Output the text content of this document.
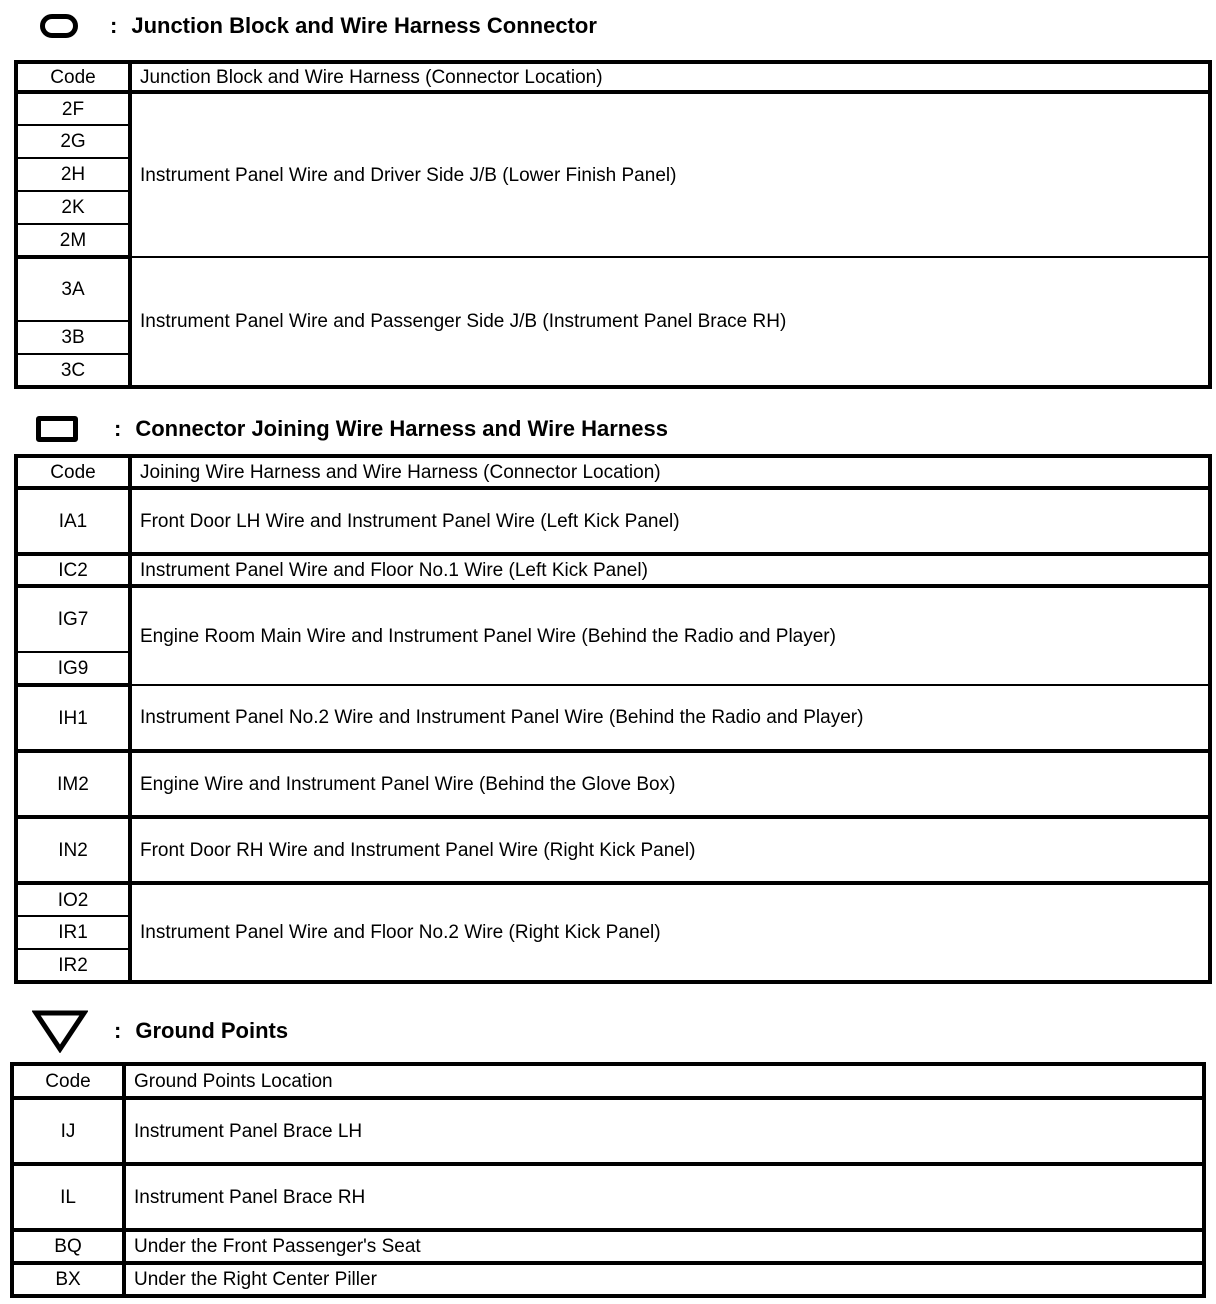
: Junction Block and Wire Harness Connector
Code	Junction Block and Wire Harness (Connector Location)
2F	Instrument Panel Wire and Driver Side J/B (Lower Finish Panel)
2G	
2H	
2K	
2M	
3A	Instrument Panel Wire and Passenger Side J/B (Instrument Panel Brace RH)
3B	
3C	
: Connector Joining Wire Harness and Wire Harness
Code	Joining Wire Harness and Wire Harness (Connector Location)
IA1	Front Door LH Wire and Instrument Panel Wire (Left Kick Panel)
IC2	Instrument Panel Wire and Floor No.1 Wire (Left Kick Panel)
IG7	Engine Room Main Wire and Instrument Panel Wire (Behind the Radio and Player)
IG9	
IH1	Instrument Panel No.2 Wire and Instrument Panel Wire (Behind the Radio and Player)
IM2	Engine Wire and Instrument Panel Wire (Behind the Glove Box)
IN2	Front Door RH Wire and Instrument Panel Wire (Right Kick Panel)
IO2	Instrument Panel Wire and Floor No.2 Wire (Right Kick Panel)
IR1	
IR2	
: Ground Points
Code	Ground Points Location
IJ	Instrument Panel Brace LH
IL	Instrument Panel Brace RH
BQ	Under the Front Passenger's Seat
BX	Under the Right Center Piller
